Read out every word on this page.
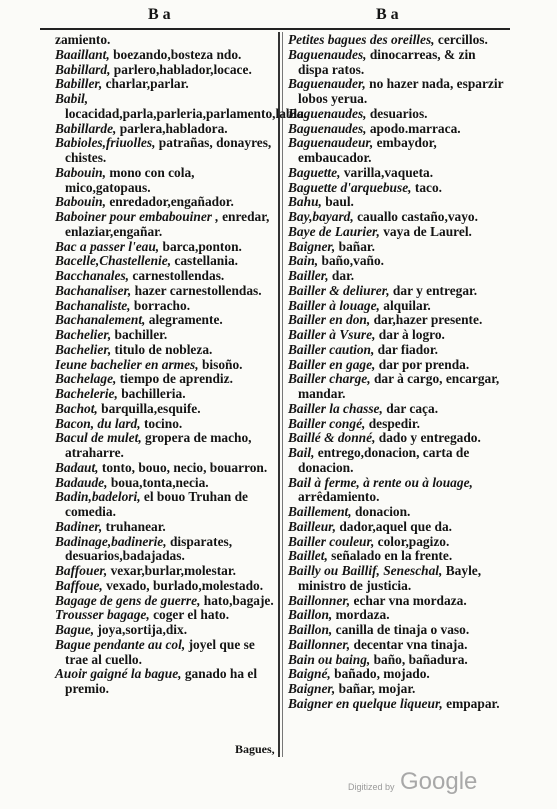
B a	B a

zamiento.

Baaillant, boezando,bosteza ndo.

Babillard, parlero,hablador,locace.

Babiller, charlar,parlar.

Babil, locacidad,parla,parleria,parlamento,labia.

Babillarde, parlera,habladora.

Babioles,friuolles, patrañas, donayres, chistes.

Babouin, mono con cola, mico,gatopaus.

Babouin, enredador,engañador.

Baboiner pour embabouiner , enredar, enlaziar,engañar.

Bac a passer l'eau, barca,ponton.

Bacelle,Chastellenie, castellania.

Bacchanales, carnestollendas.

Bachanaliser, hazer carnestollendas.

Bachanaliste, borracho.

Bachanalement, alegramente.

Bachelier, bachiller.

Bachelier, titulo de nobleza.

Ieune bachelier en armes, bisoño.

Bachelage, tiempo de aprendiz.

Bachelerie, bachilleria.

Bachot, barquilla,esquife.

Bacon, du lard, tocino.

Bacul de mulet, gropera de macho, atraharre.

Badaut, tonto, bouo, necio, bouarron.

Badaude, boua,tonta,necia.

Badin,badelori, el bouo Truhan de comedia.

Badiner, truhanear.

Badinage,badinerie, disparates, desuarios,badajadas.

Baffouer, vexar,burlar,molestar.

Baffoue, vexado, burlado,molestado.

Bagage de gens de guerre, hato,bagaje.

Trousser bagage, coger el hato.

Bague, joya,sortija,dix.

Bague pendante au col, joyel que se trae al cuello.

Auoir gaigné la bague, ganado ha el premio.

Petites bagues des oreilles, cercillos.

Baguenaudes, dinocarreas, & zin dispa ratos.

Baguenauder, no hazer nada, esparzir lobos yerua.

Baguenaudes, desuarios.

Baguenaudes, apodo.marraca.

Baguenaudeur, embaydor, embaucador.

Baguette, varilla,vaqueta.

Baguette d'arquebuse, taco.

Bahu, baul.

Bay,bayard, cauallo castaño,vayo.

Baye de Laurier, vaya de Laurel.

Baigner, bañar.

Bain, baño,vaño.

Bailler, dar.

Bailler & deliurer, dar y entregar.

Bailler à louage, alquilar.

Bailler en don, dar,hazer presente.

Bailler à Vsure, dar à logro.

Bailler caution, dar fiador.

Bailler en gage, dar por prenda.

Bailler charge, dar à cargo, encargar, mandar.

Bailler la chasse, dar caça.

Bailler congé, despedir.

Baillé & donné, dado y entregado.

Bail, entrego,donacion, carta de donacion.

Bail à ferme, à rente ou à louage, arrêdamiento.

Baillement, donacion.

Bailleur, dador,aquel que da.

Bailler couleur, color,pagizo.

Baillet, señalado en la frente.

Bailly ou Baillif, Seneschal, Bayle, ministro de justicia.

Baillonner, echar vna mordaza.

Baillon, mordaza.

Baillon, canilla de tinaja o vaso.

Baillonner, decentar vna tinaja.

Bain ou baing, baño, bañadura.

Baigné, bañado, mojado.

Baigner, bañar, mojar.

Baigner en quelque liqueur, empapar.

Bagues,
Digitized by Google
